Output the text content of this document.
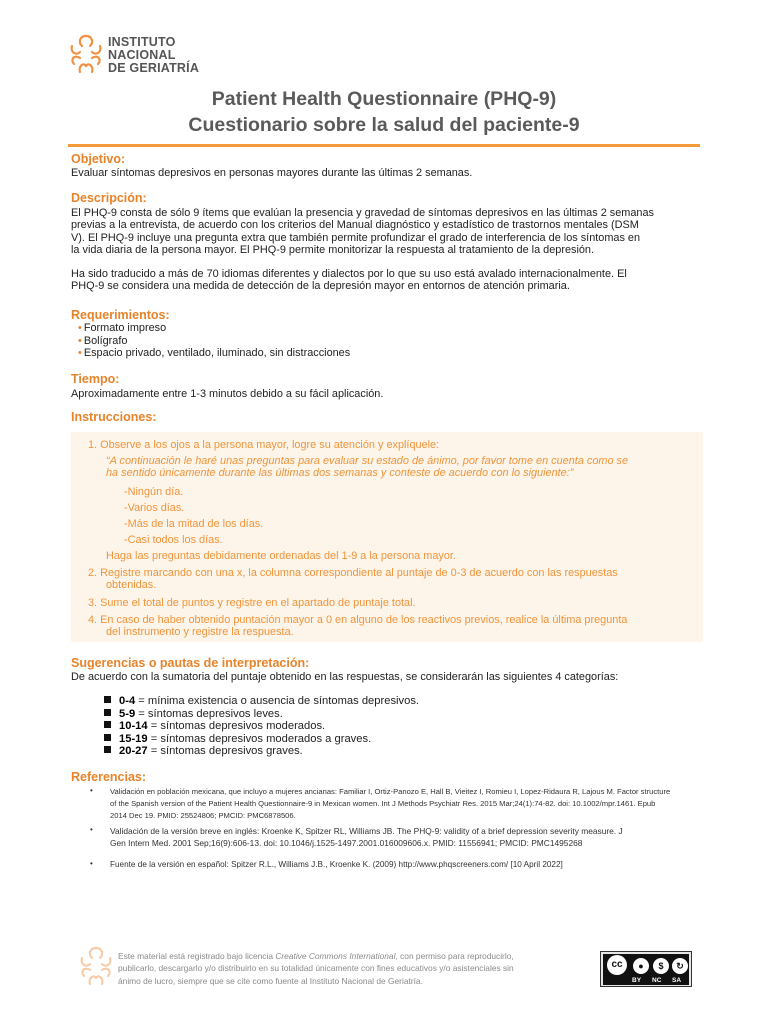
INSTITUTO
NACIONAL
DE GERIATRÍA
Patient Health Questionnaire (PHQ-9)
Cuestionario sobre la salud del paciente-9
Objetivo:
Evaluar síntomas depresivos en personas mayores durante las últimas 2 semanas.
Descripción:
El PHQ-9 consta de sólo 9 ítems que evalúan la presencia y gravedad de síntomas depresivos en las últimas 2 semanas
previas a la entrevista, de acuerdo con los criterios del Manual diagnóstico y estadístico de trastornos mentales (DSM
V). El PHQ-9 incluye una pregunta extra que también permite profundizar el grado de interferencia de los síntomas en
la vida diaria de la persona mayor. El PHQ-9 permite monitorizar la respuesta al tratamiento de la depresión.
Ha sido traducido a más de 70 idiomas diferentes y dialectos por lo que su uso está avalado internacionalmente. El
PHQ-9 se considera una medida de detección de la depresión mayor en entornos de atención primaria.
Requerimientos:
• Formato impreso
• Bolígrafo
• Espacio privado, ventilado, iluminado, sin distracciones
Tiempo:
Aproximadamente entre 1-3 minutos debido a su fácil aplicación.
Instrucciones:
1. Observe a los ojos a la persona mayor, logre su atención y explíquele:
“A continuación le haré unas preguntas para evaluar su estado de ánimo, por favor tome en cuenta como se
ha sentido únicamente durante las últimas dos semanas y conteste de acuerdo con lo siguiente:”
-Ningún día.
-Varios días.
-Más de la mitad de los días.
-Casi todos los días.
Haga las preguntas debidamente ordenadas del 1-9 a la persona mayor.
2. Registre marcando con una x, la columna correspondiente al puntaje de 0-3 de acuerdo con las respuestas
obtenidas.
3. Sume el total de puntos y registre en el apartado de puntaje total.
4. En caso de haber obtenido puntación mayor a 0 en alguno de los reactivos previos, realice la última pregunta
del instrumento y registre la respuesta.
Sugerencias o pautas de interpretación:
De acuerdo con la sumatoria del puntaje obtenido en las respuestas, se considerarán las siguientes 4 categorías:
0-4 = mínima existencia o ausencia de síntomas depresivos.
5-9 = síntomas depresivos leves.
10-14 = síntomas depresivos moderados.
15-19 = síntomas depresivos moderados a graves.
20-27 = síntomas depresivos graves.
Referencias:
• Validación en población mexicana, que incluyo a mujeres ancianas: Familiar I, Ortiz-Panozo E, Hall B, Vieitez I, Romieu I, Lopez-Ridaura R, Lajous M. Factor structure
of the Spanish version of the Patient Health Questionnaire-9 in Mexican women. Int J Methods Psychiatr Res. 2015 Mar;24(1):74-82. doi: 10.1002/mpr.1461. Epub
2014 Dec 19. PMID: 25524806; PMCID: PMC6878506.
• Validación de la versión breve en inglés: Kroenke K, Spitzer RL, Williams JB. The PHQ-9: validity of a brief depression severity measure. J
Gen Intern Med. 2001 Sep;16(9):606-13. doi: 10.1046/j.1525-1497.2001.016009606.x. PMID: 11556941; PMCID: PMC1495268
• Fuente de la versión en español: Spitzer R.L., Williams J.B., Kroenke K. (2009) http://www.phqscreeners.com/ [10 April 2022]
Este material está registrado bajo licencia Creative Commons International, con permiso para reproducirlo,
publicarlo, descargarlo y/o distribuirlo en su totalidad únicamente con fines educativos y/o asistenciales sin
ánimo de lucro, siempre que se cite como fuente al Instituto Nacional de Geriatría.
cc	●	$	↻
BY NC SA
